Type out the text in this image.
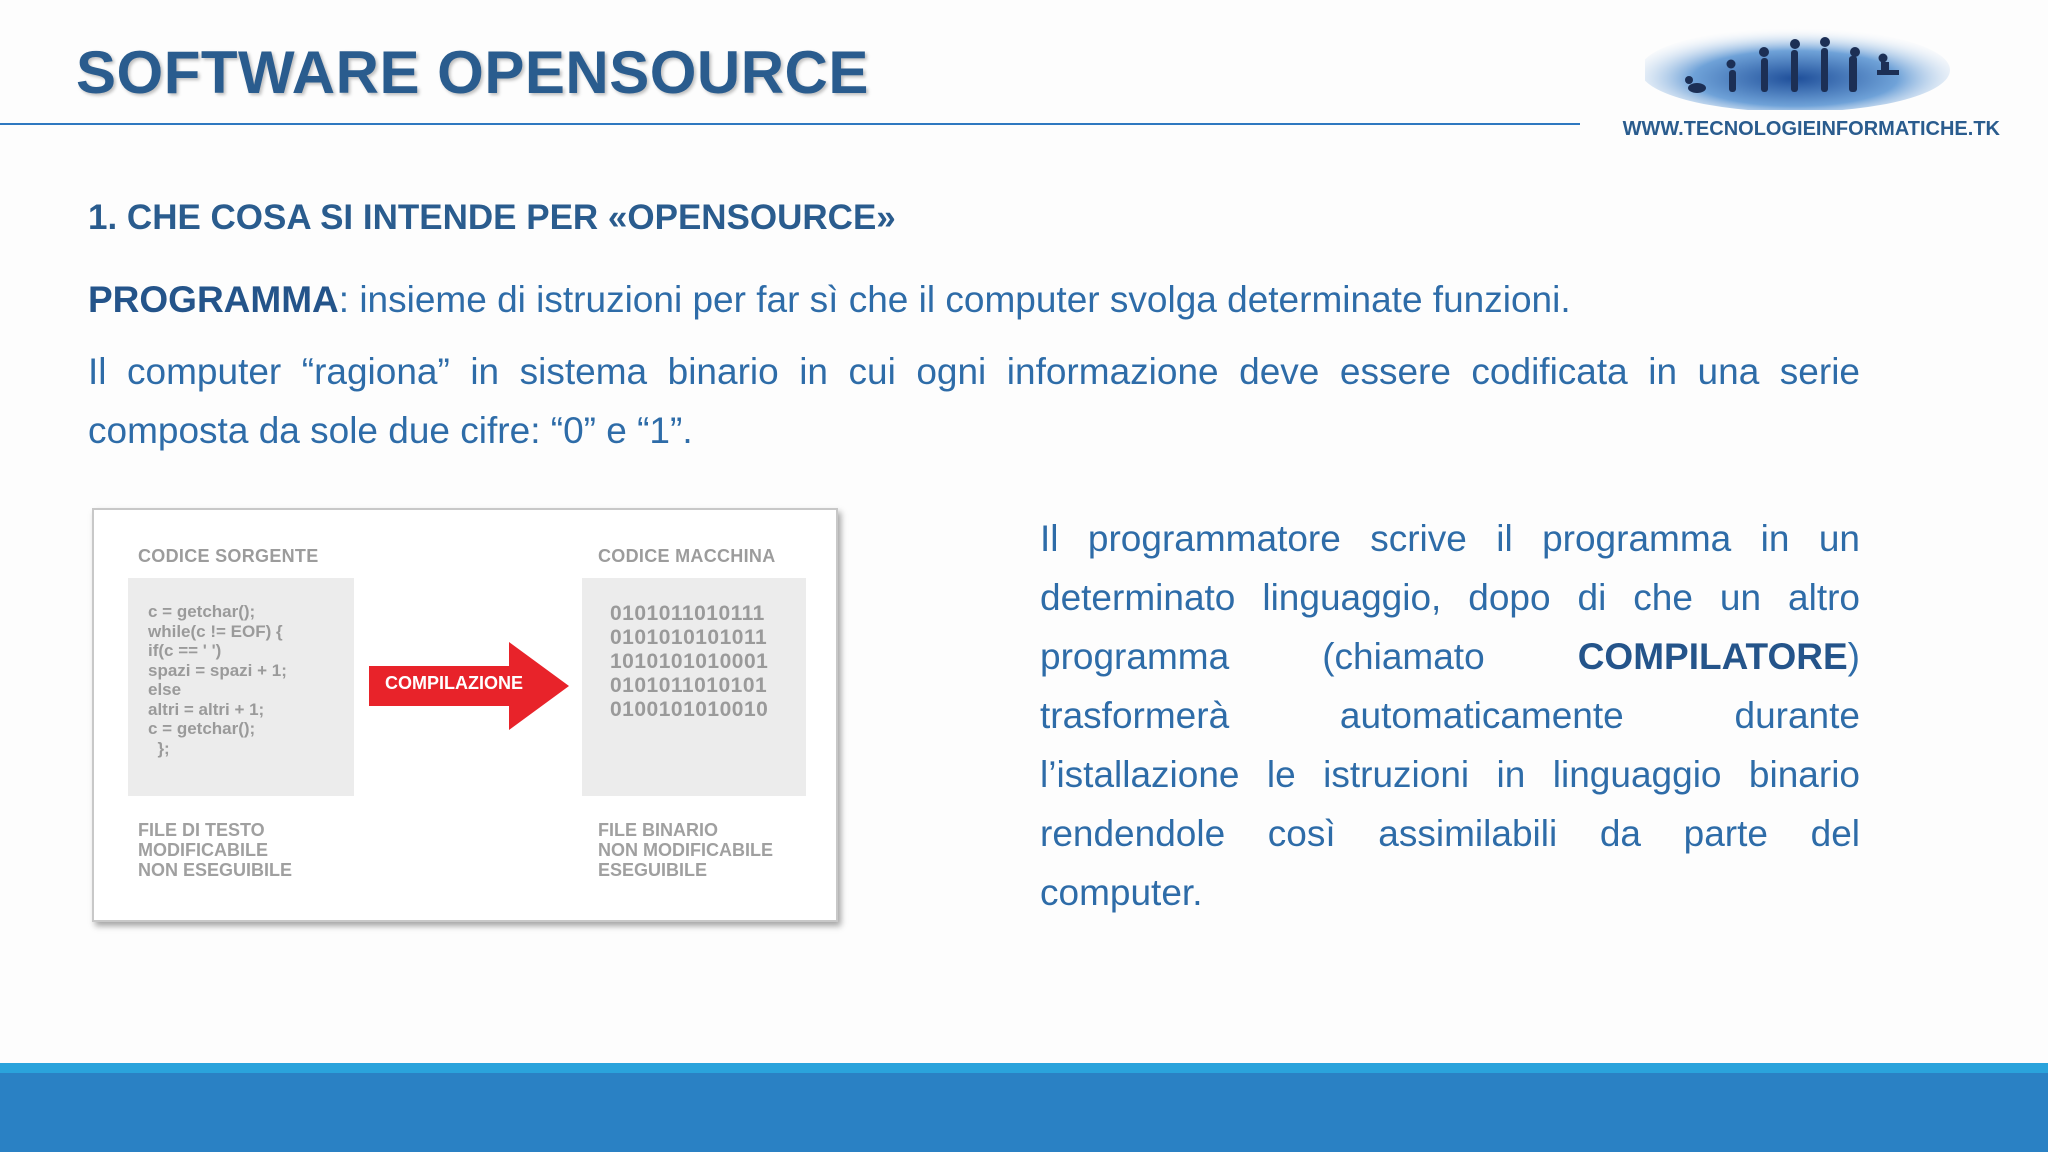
SOFTWARE OPENSOURCE
WWW.TECNOLOGIEINFORMATICHE.TK
1. CHE COSA SI INTENDE PER «OPENSOURCE»
PROGRAMMA: insieme di istruzioni per far sì che il computer svolga determinate funzioni.
Il computer “ragiona” in sistema binario in cui ogni informazione deve essere codificata in una serie composta da sole due cifre: “0” e “1”.
CODICE SORGENTE	CODICE MACCHINA
c = getchar();
while(c != EOF) {
if(c == ' ')
spazi = spazi + 1;
else
altri = altri + 1;
c = getchar();
};
0101011010111
0101010101011
1010101010001
0101011010101
0100101010010
COMPILAZIONE
FILE DI TESTO
MODIFICABILE
NON ESEGUIBILE
FILE BINARIO
NON MODIFICABILE
ESEGUIBILE
Il programmatore scrive il programma in un determinato linguaggio, dopo di che un altro programma (chiamato COMPILATORE) trasformerà automaticamente durante l’istallazione le istruzioni in linguaggio binario rendendole così assimilabili da parte del computer.
